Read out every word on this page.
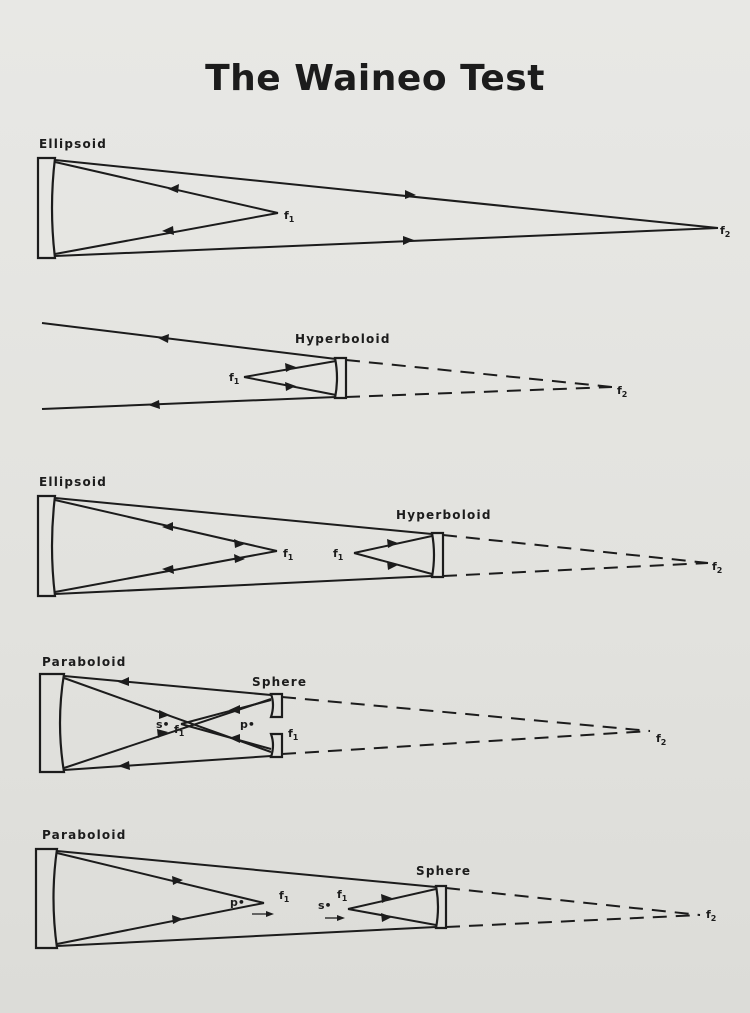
The Waineo Test
Ellipsoid
$f_1$
$f_2$
Hyperboloid
$f_1$
$f_2$
Ellipsoid
Hyperboloid
$f_1$	$f_1$
$f_2$
Paraboloid
Sphere
s• $f_1$
p•
$f_1$	$f_2$
Paraboloid
Sphere
p•
$f_1$	s•
$f_1$
$f_2$
